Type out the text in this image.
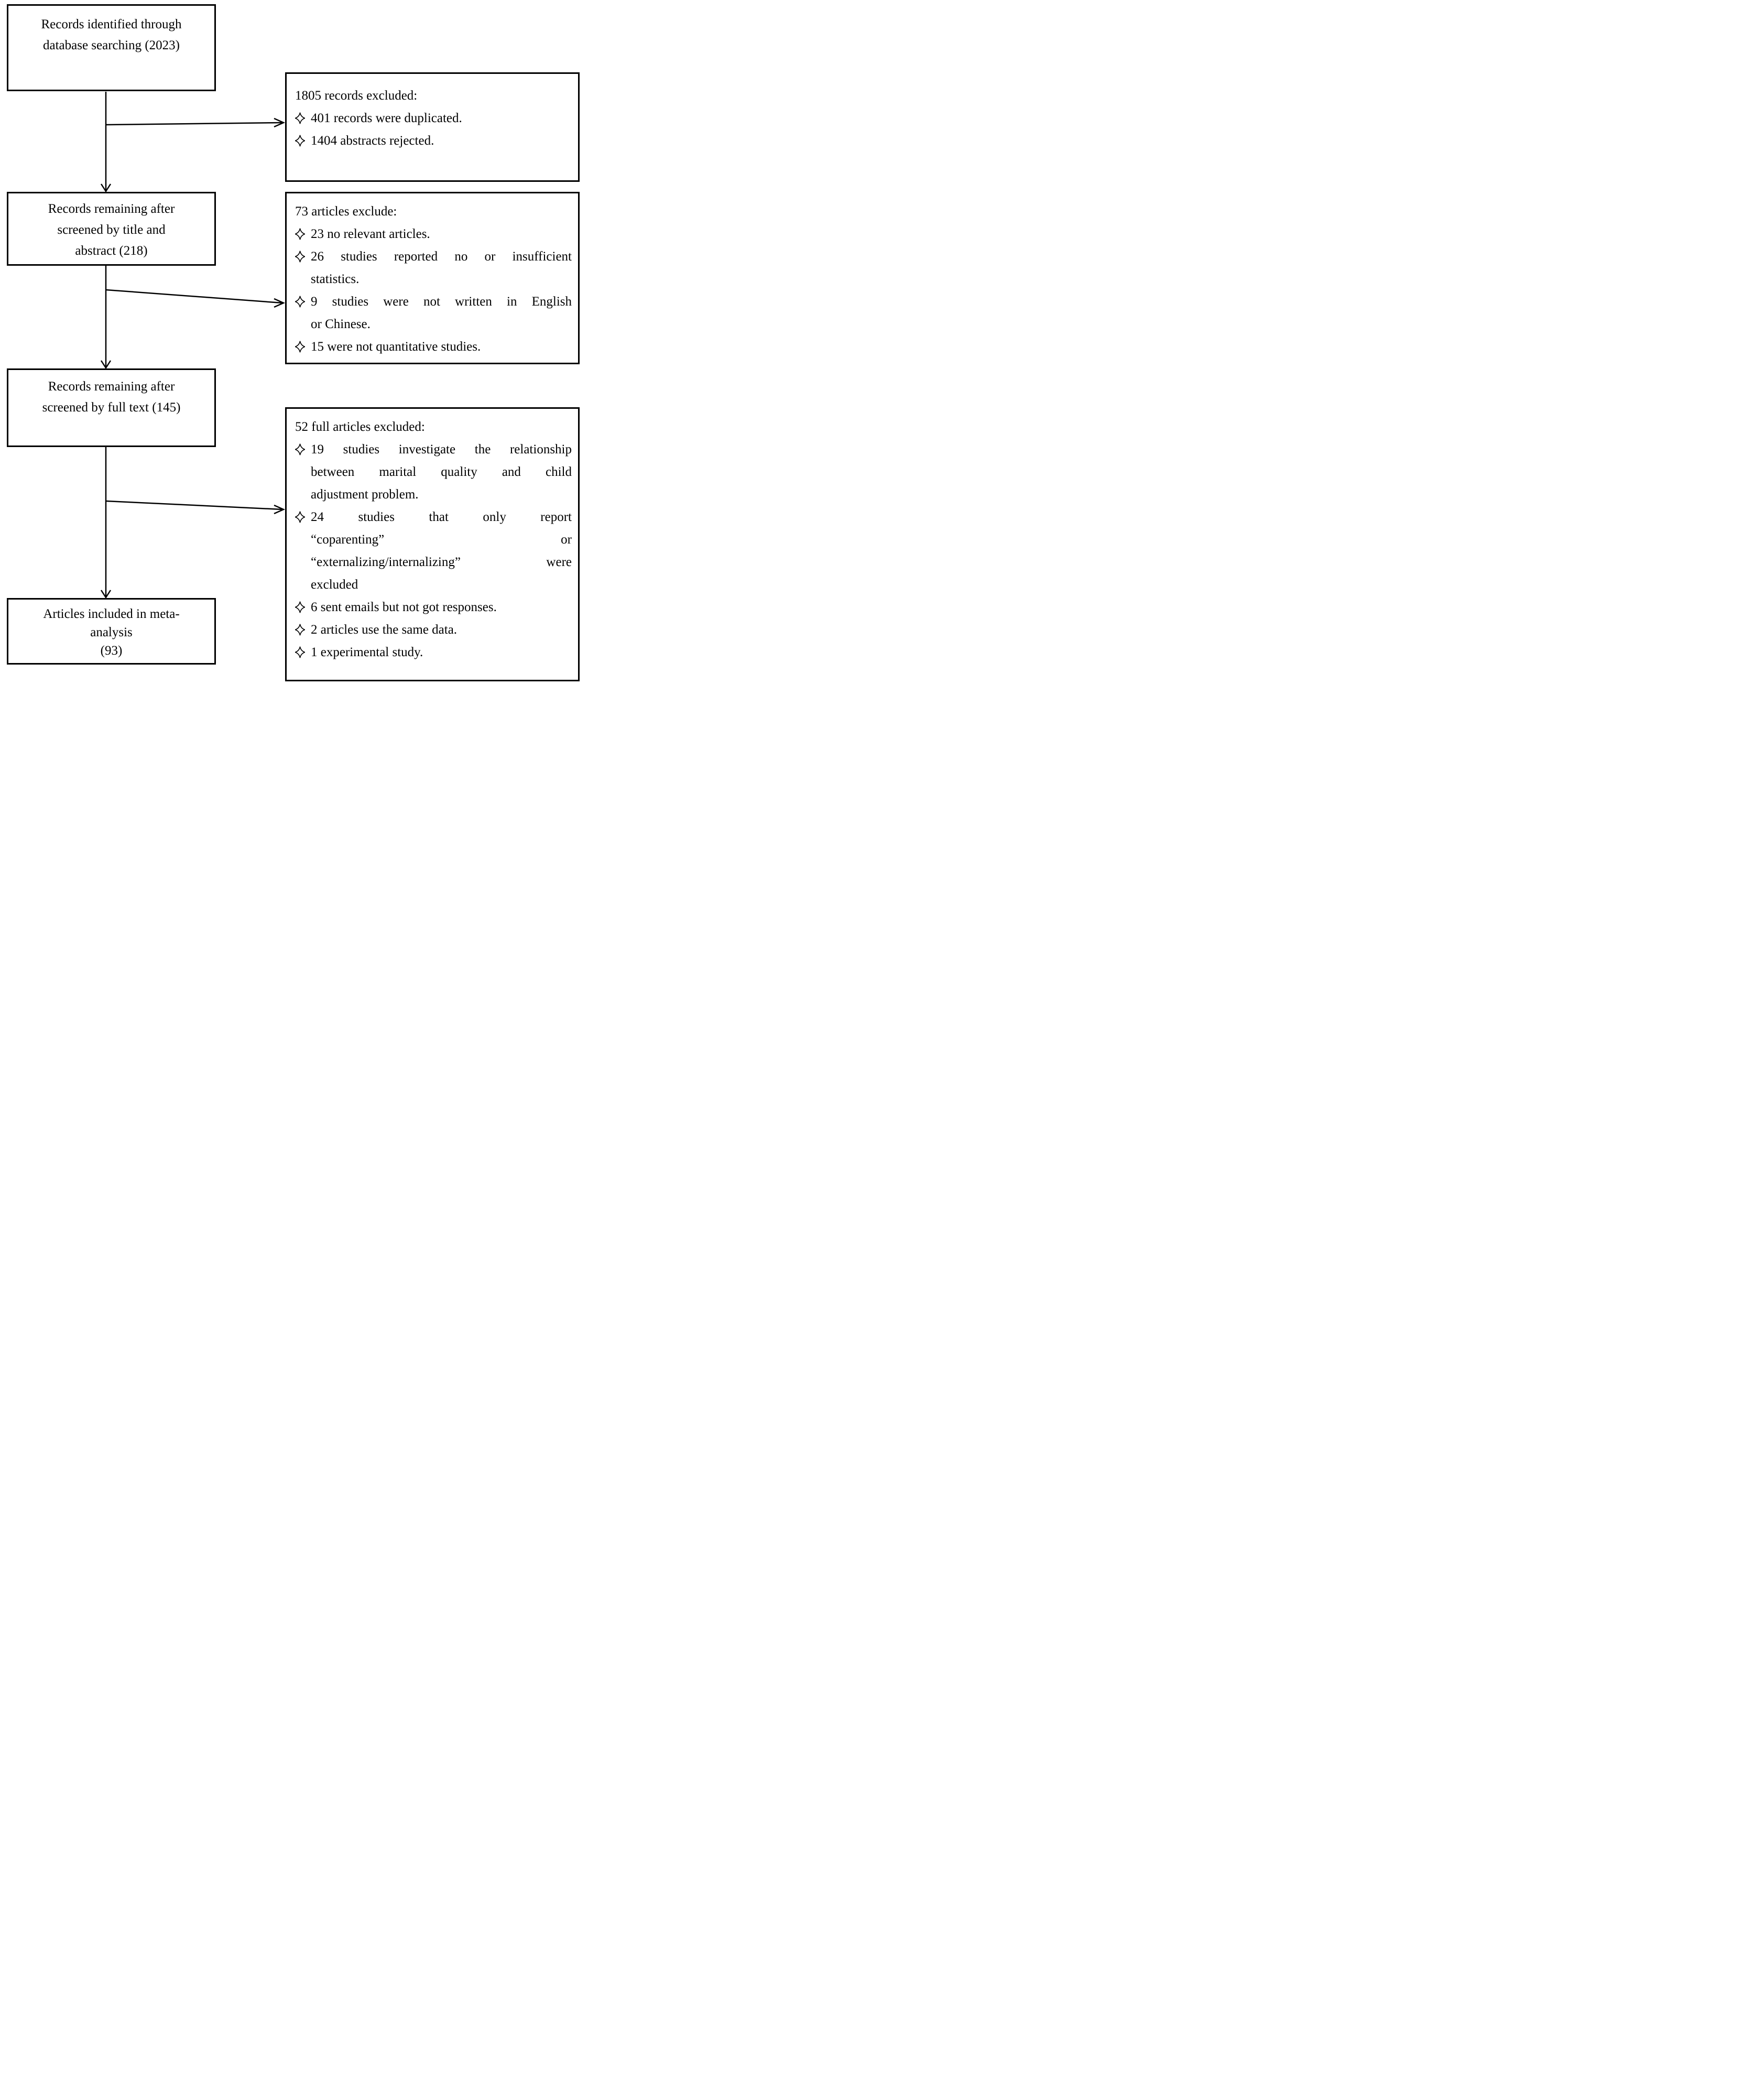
Records identified through
database searching (2023)
Records remaining after
screened by title and
abstract (218)
Records remaining after
screened by full text (145)
Articles included in meta-
analysis
(93)
1805 records excluded:
401 records were duplicated.
1404 abstracts rejected.
73 articles exclude:
23 no relevant articles.
26 studies reported no or insufficient
statistics.
9 studies were not written in English
or Chinese.
15 were not quantitative studies.
52 full articles excluded:
19 studies investigate the relationship
between marital quality and child
adjustment problem.
24 studies that only report
“coparenting” or
“externalizing/internalizing” were
excluded
6 sent emails but not got responses.
2 articles use the same data.
1 experimental study.
